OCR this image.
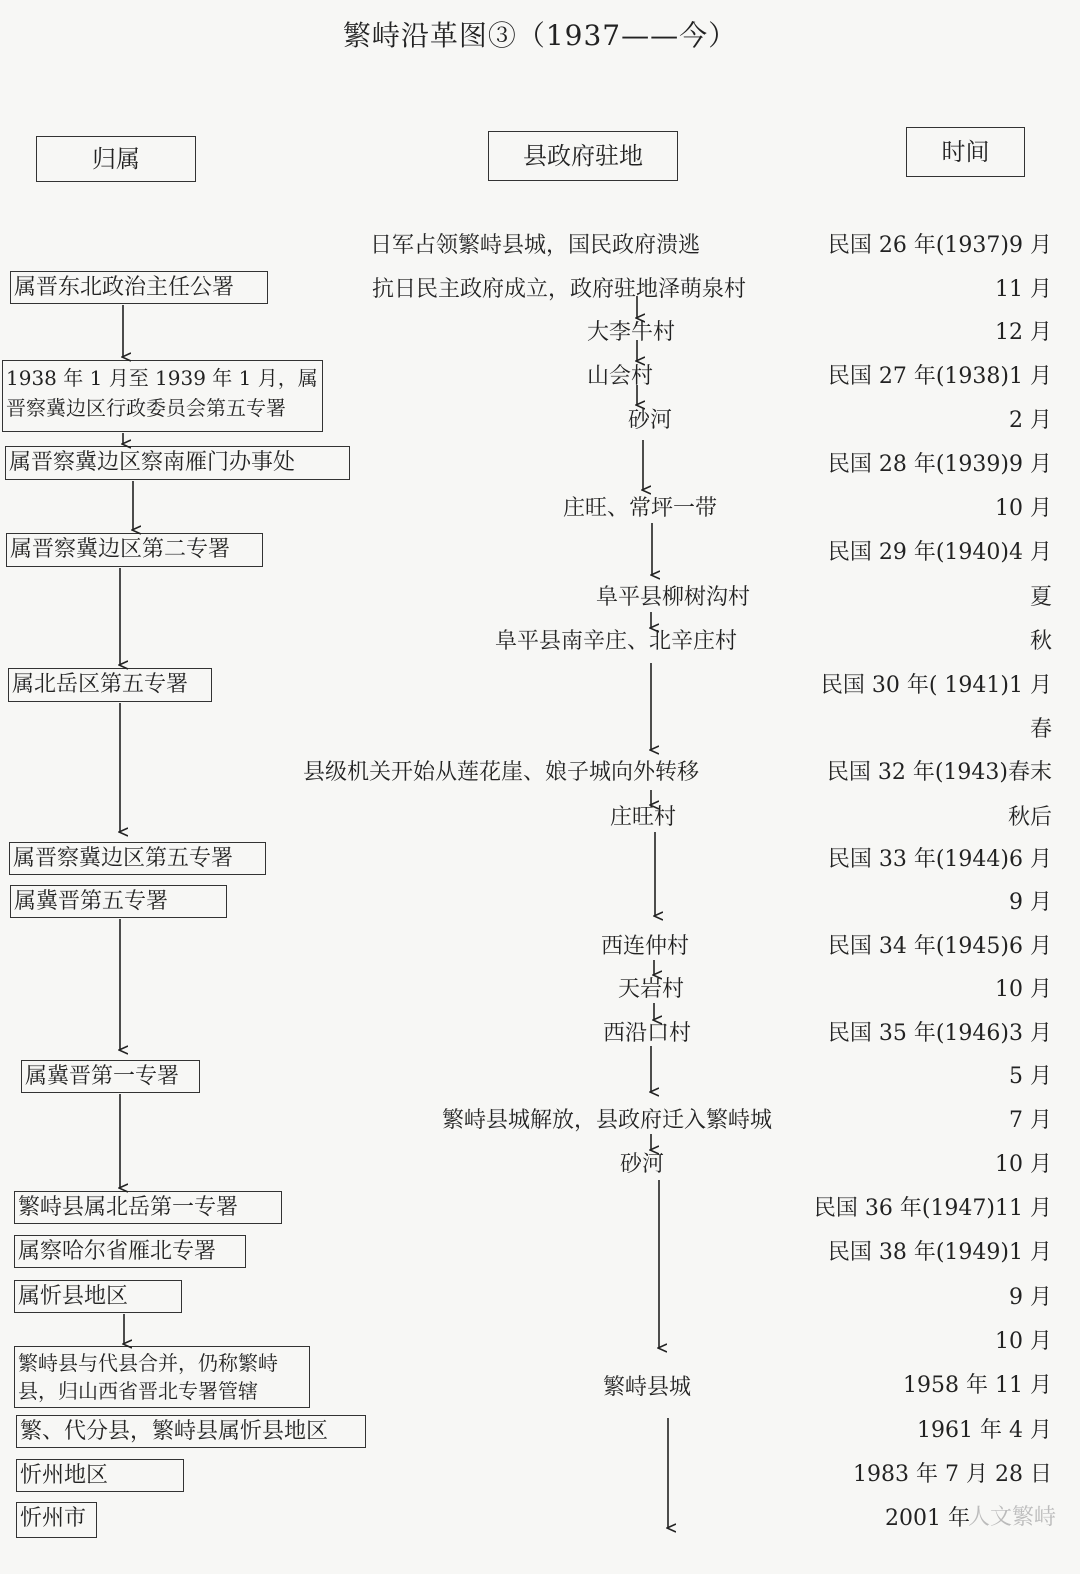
繁峙沿革图③（1937——今）
归属	县政府驻地	时间
属晋东北政治主任公署
1938 年 1 月至 1939 年 1 月，属晋察冀边区行政委员会第五专署
属晋察冀边区察南雁门办事处
属晋察冀边区第二专署
属北岳区第五专署
属晋察冀边区第五专署
属冀晋第五专署
属冀晋第一专署
繁峙县属北岳第一专署
属察哈尔省雁北专署
属忻县地区
繁峙县与代县合并，仍称繁峙县，归山西省晋北专署管辖
繁、代分县，繁峙县属忻县地区
忻州地区
忻州市
日军占领繁峙县城，国民政府溃逃
抗日民主政府成立，政府驻地泽萌泉村
大李牛村
山会村
砂河
庄旺、常坪一带
阜平县柳树沟村
阜平县南辛庄、北辛庄村
县级机关开始从莲花崖、娘子城向外转移
庄旺村
西连仲村
天岩村
西沿口村
繁峙县城解放，县政府迁入繁峙城
砂河
繁峙县城
民国 26 年(1937)9 月
11 月
12 月
民国 27 年(1938)1 月
2 月
民国 28 年(1939)9 月
10 月
民国 29 年(1940)4 月
夏
秋
民国 30 年( 1941)1 月
春
民国 32 年(1943)春末
秋后
民国 33 年(1944)6 月
9 月
民国 34 年(1945)6 月
10 月
民国 35 年(1946)3 月
5 月
7 月
10 月
民国 36 年(1947)11 月
民国 38 年(1949)1 月
9 月
10 月
1958 年 11 月
1961 年 4 月
1983 年 7 月 28 日
2001 年
人文繁峙
